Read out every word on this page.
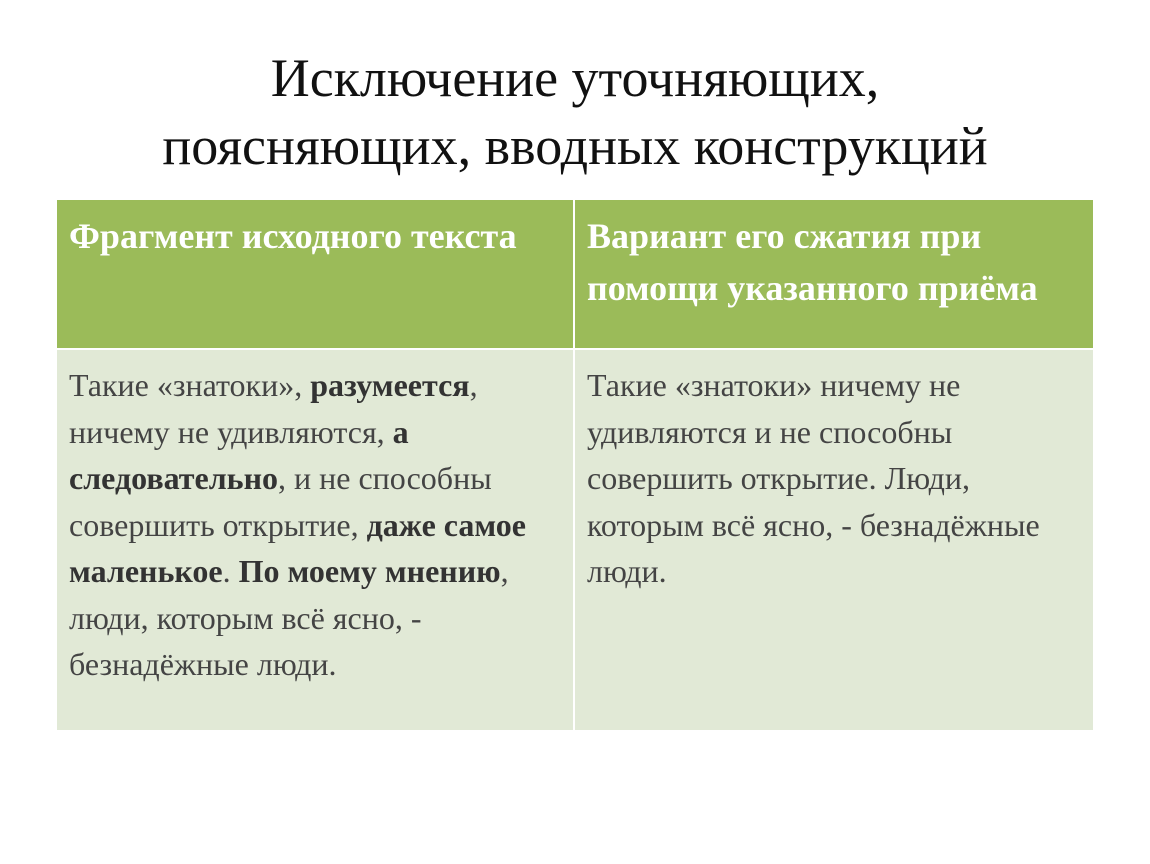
Исключение уточняющих,
поясняющих, вводных конструкций
Фрагмент исходного текста	Вариант его сжатия при помощи указанного приёма
Такие «знатоки», разумеется, ничему не удивляются, а следовательно, и не способны совершить открытие, даже самое маленькое. По моему мнению, люди, которым всё ясно, - безнадёжные люди.	Такие «знатоки» ничему не удивляются и не способны совершить открытие. Люди, которым всё ясно, - безнадёжные люди.
